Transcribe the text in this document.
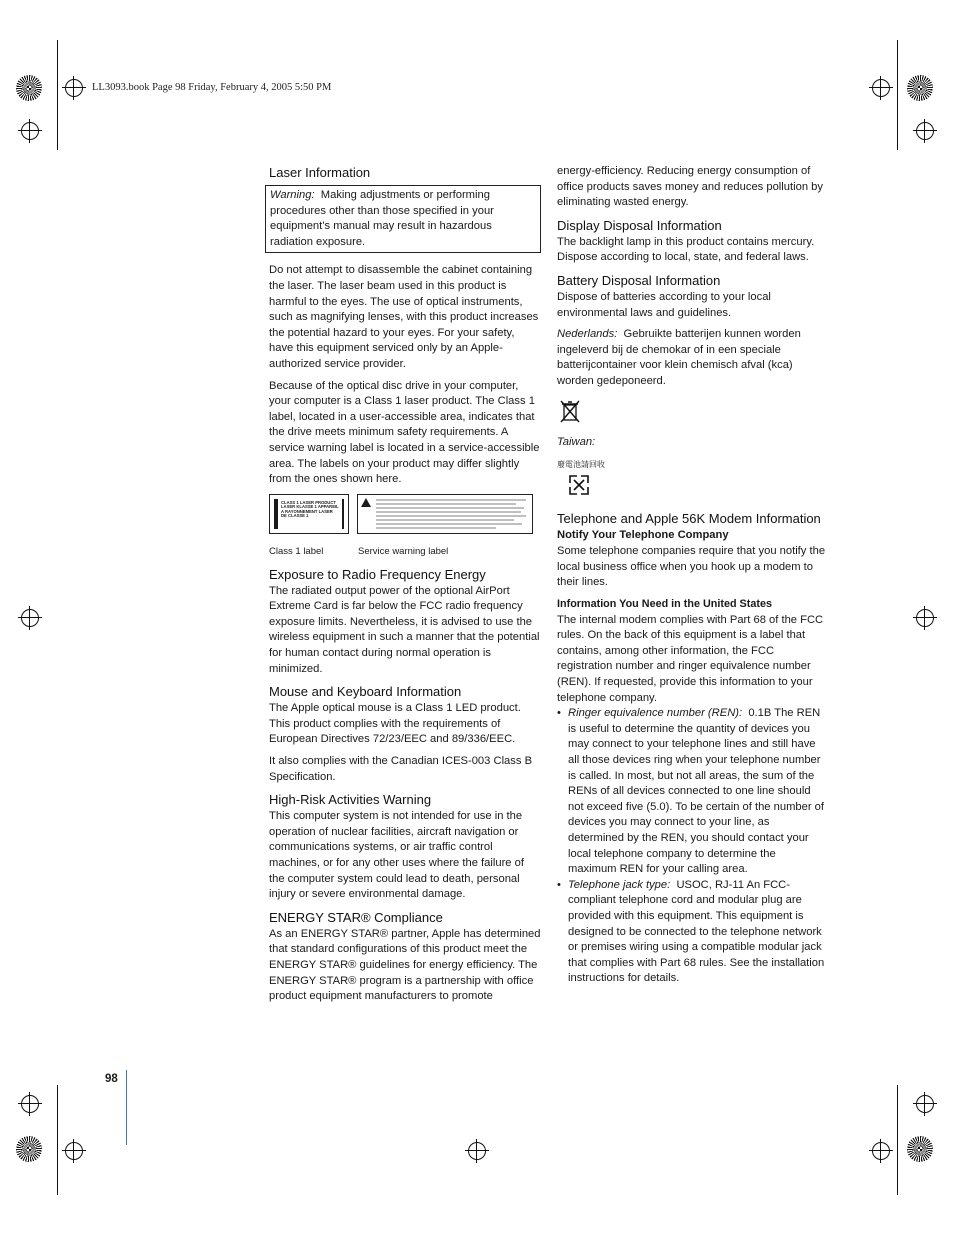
LL3093.book Page 98 Friday, February 4, 2005 5:50 PM
Laser Information

Warning: Making adjustments or performing procedures other than those specified in your equipment’s manual may result in hazardous radiation exposure.

Do not attempt to disassemble the cabinet containing the laser. The laser beam used in this product is harmful to the eyes. The use of optical instruments, such as magnifying lenses, with this product increases the potential hazard to your eyes. For your safety, have this equipment serviced only by an Apple-authorized service provider.

Because of the optical disc drive in your computer, your computer is a Class 1 laser product. The Class 1 label, located in a user-accessible area, indicates that the drive meets minimum safety requirements. A service warning label is located in a service-accessible area. The labels on your product may differ slightly from the ones shown here.

CLASS 1 LASER PRODUCT LASER KLASSE 1 APPAREIL A RAYONNEMENT LASER DE CLASSE 1
Class 1 label	Service warning label
Exposure to Radio Frequency Energy

The radiated output power of the optional AirPort Extreme Card is far below the FCC radio frequency exposure limits. Nevertheless, it is advised to use the wireless equipment in such a manner that the potential for human contact during normal operation is minimized.

Mouse and Keyboard Information

The Apple optical mouse is a Class 1 LED product. This product complies with the requirements of European Directives 72/23/EEC and 89/336/EEC.

It also complies with the Canadian ICES-003 Class B Specification.

High-Risk Activities Warning

This computer system is not intended for use in the operation of nuclear facilities, aircraft navigation or communications systems, or air traffic control machines, or for any other uses where the failure of the computer system could lead to death, personal injury or severe environmental damage.

ENERGY STAR® Compliance

As an ENERGY STAR® partner, Apple has determined that standard configurations of this product meet the ENERGY STAR® guidelines for energy efficiency. The ENERGY STAR® program is a partnership with office product equipment manufacturers to promote

energy-efficiency. Reducing energy consumption of office products saves money and reduces pollution by eliminating wasted energy.

Display Disposal Information

The backlight lamp in this product contains mercury. Dispose according to local, state, and federal laws.

Battery Disposal Information

Dispose of batteries according to your local environmental laws and guidelines.

Nederlands: Gebruikte batterijen kunnen worden ingeleverd bij de chemokar of in een speciale batterijcontainer voor klein chemisch afval (kca) worden gedeponeerd.

Taiwan:

廢電池請回收
Telephone and Apple 56K Modem Information
Notify Your Telephone Company

Some telephone companies require that you notify the local business office when you hook up a modem to their lines.

Information You Need in the United States

The internal modem complies with Part 68 of the FCC rules. On the back of this equipment is a label that contains, among other information, the FCC registration number and ringer equivalence number (REN). If requested, provide this information to your telephone company.

• Ringer equivalence number (REN): 0.1B The REN is useful to determine the quantity of devices you may connect to your telephone lines and still have all those devices ring when your telephone number is called. In most, but not all areas, the sum of the RENs of all devices connected to one line should not exceed five (5.0). To be certain of the number of devices you may connect to your line, as determined by the REN, you should contact your local telephone company to determine the maximum REN for your calling area.
• Telephone jack type: USOC, RJ-11 An FCC-compliant telephone cord and modular plug are provided with this equipment. This equipment is designed to be connected to the telephone network or premises wiring using a compatible modular jack that complies with Part 68 rules. See the installation instructions for details.
98
